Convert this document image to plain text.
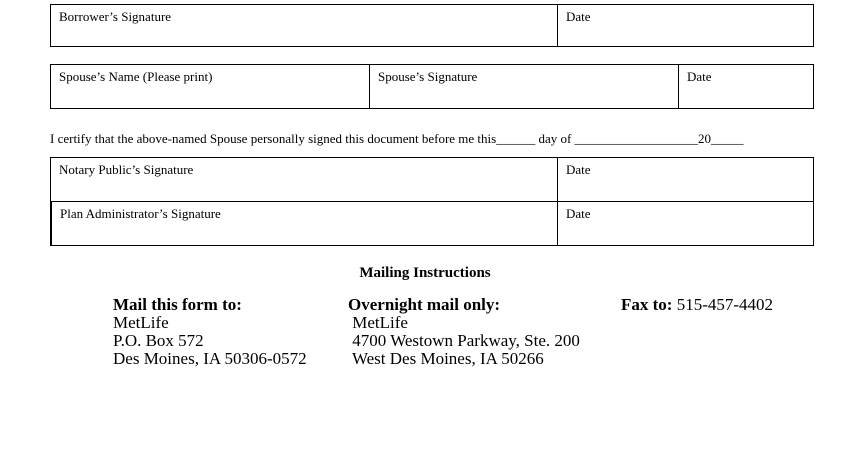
Borrower’s Signature	Date
Spouse’s Name (Please print)	Spouse’s Signature	Date
I certify that the above-named Spouse personally signed this document before me this______ day of ___________________20_____
Notary Public’s Signature	Date
Plan Administrator’s Signature	Date
Mailing Instructions
Mail this form to:
MetLife
P.O. Box 572
Des Moines, IA 50306-0572
Overnight mail only:
MetLife
4700 Westown Parkway, Ste. 200
West Des Moines, IA 50266
Fax to: 515-457-4402
